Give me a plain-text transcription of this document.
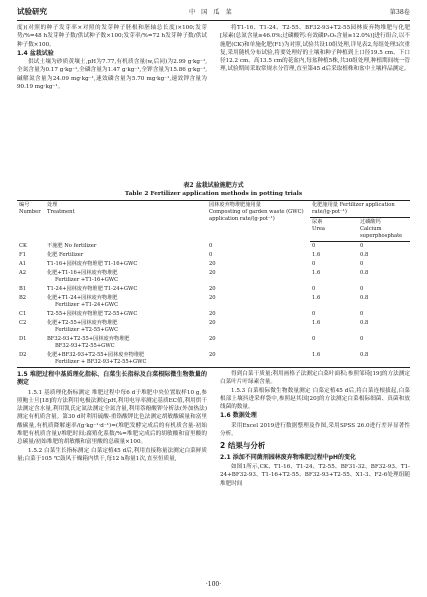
试验研究	中 国 瓜 菜	第38卷

度)(对照的种子发芽率×对照的发芽种子胚根和胚轴总长度)×100;发芽势/%=48 h发芽种子数/供试种子数×100;发芽率/%=72 h发芽种子数/供试种子数×100。

1.4 盆栽试验

供试土壤为砂质黄壤土,pH为7.77,有机质含量(w,后同)为2.99 g·kg⁻¹,全氮含量为0.17 g·kg⁻¹,全磷含量为1.47 g·kg⁻¹,全钾含量为15.86 g·kg⁻¹,碱解氮含量为24.09 mg·kg⁻¹,速效磷含量为5.70 mg·kg⁻¹,速效钾含量为90.19 mg·kg⁻¹。

将T1-16、T1-24、T2-55、BF32-93+T2-55园林废弃物堆肥与化肥[尿素(总氮含量≥46.0%;过磷酸钙:有效磷P₂O₅含量≥12.0%)]进行组合,以不施肥(CK)和单施化肥(F1)为对照,试验共设10组处理,详见表2,每组处理3次重复,采用随机分布试验,将要处理好的土壤和种子种植到上口径19.5 cm、下口径12.2 cm、高13.5 cm的花盆内,每盆种植5株,共30组处理,种植期间统一管理,试验期间采取常规水分管理,直至第45 d后采取植株和盆中土壤样品测定。

表2 盆栽试验施肥方式
Table 2 Fertilizer application methods in potting trials
编号
Number	处理
Treatment	园林废弃物堆肥施用量
Composting of garden waste (GWC) application rate/(g·pot⁻¹)	化肥施用量 Fertilizer application rate/(g·pot⁻¹)	
			尿素
Urea	过磷酸钙
Calcium superphosphate
CK	不施肥 No fertilizer	0	0	0
F1	化肥 Fertilizer	0	1.6	0.8
A1	T1-16+园林废弃物堆肥 T1-16+GWC	20	0	0
A2	化肥+T1-16+园林废弃物堆肥
Fertilizer +T1-16+GWC	20	1.6	0.8
B1	T1-24+园林废弃物堆肥 T1-24+GWC	20	0	0
B2	化肥+T1-24+园林废弃物堆肥
Fertilizer +T1-24+GWC	20	1.6	0.8
C1	T2-55+园林废弃物堆肥 T2-55+GWC	20	0	0
C2	化肥+T2-55+园林废弃物堆肥
Fertilizer +T2-55+GWC	20	1.6	0.8
D1	BF32-93+T2-55+园林废弃物堆肥
BF32-93+T2-55+GWC	20	0	0
D2	化肥+BF32-93+T2-55+园林废弃物堆肥
Fertilizer + BF32-93+T2-55+GWC	20	1.6	0.8
1.5 堆肥过程中基质理化指标、白菜生长指标及白菜根际微生物数量的测定

1.5.1 基质理化指标测定 堆肥过程中每6 d于堆肥中央位置取样10 g,参照鲍士旦[18]的方法利用电极法测定pH,利用电导率测定基质EC值,利用烘干法测定含水量,利用凯氏定氮法测定全氮含量,利用萘酚酸钾分析法(外加热法)测定有机质含量。第30 d时利用硫酸-重铬酸钾比色法测定胡敏酸碳量和富里酸碳量,有机质降解速率/(g·kg⁻¹·d⁻¹)=(堆肥发酵完成后的有机质含量-初始堆肥有机质含量)/堆肥时间;腐殖化系数/%=堆肥完成后的胡敏酸和富里酸的总碳量/初始堆肥的胡敏酸和富里酸的总碳量×100。

1.5.2 白菜生长指标测定 白菜定植45 d后,利用直接称量法测定白菜鲜质量;白菜于105 ℃鼓风干燥箱内烘干,每12 h称量1次,直至恒质量,

得到白菜干质量;利用画格子法测定白菜叶面积;参照邹琦[19]的方法测定白菜叶片叶绿素含量。

1.5.3 白菜根际微生物数量测定 白菜定植45 d后,将白菜连根拔起,白菜根部上壤抖进采样袋中,参照赵其国[20]的方法测定白菜根际细菌、真菌和放线菌的数量。

1.6 数据处理

采用Excel 2019进行数据整理及作图,采用SPSS 26.0进行差异显著性分析。

2 结果与分析
2.1 添加不同菌剂园林废弃物堆肥过程中pH的变化

如图1所示,CK、T1-16、T1-24、T2-55、BF31-32、BF32-93、T1-24+BF32-93、T1-16+T2-55、BF32-93+T2-55、X1-3、F2-6处理组随堆肥时间

·100·
